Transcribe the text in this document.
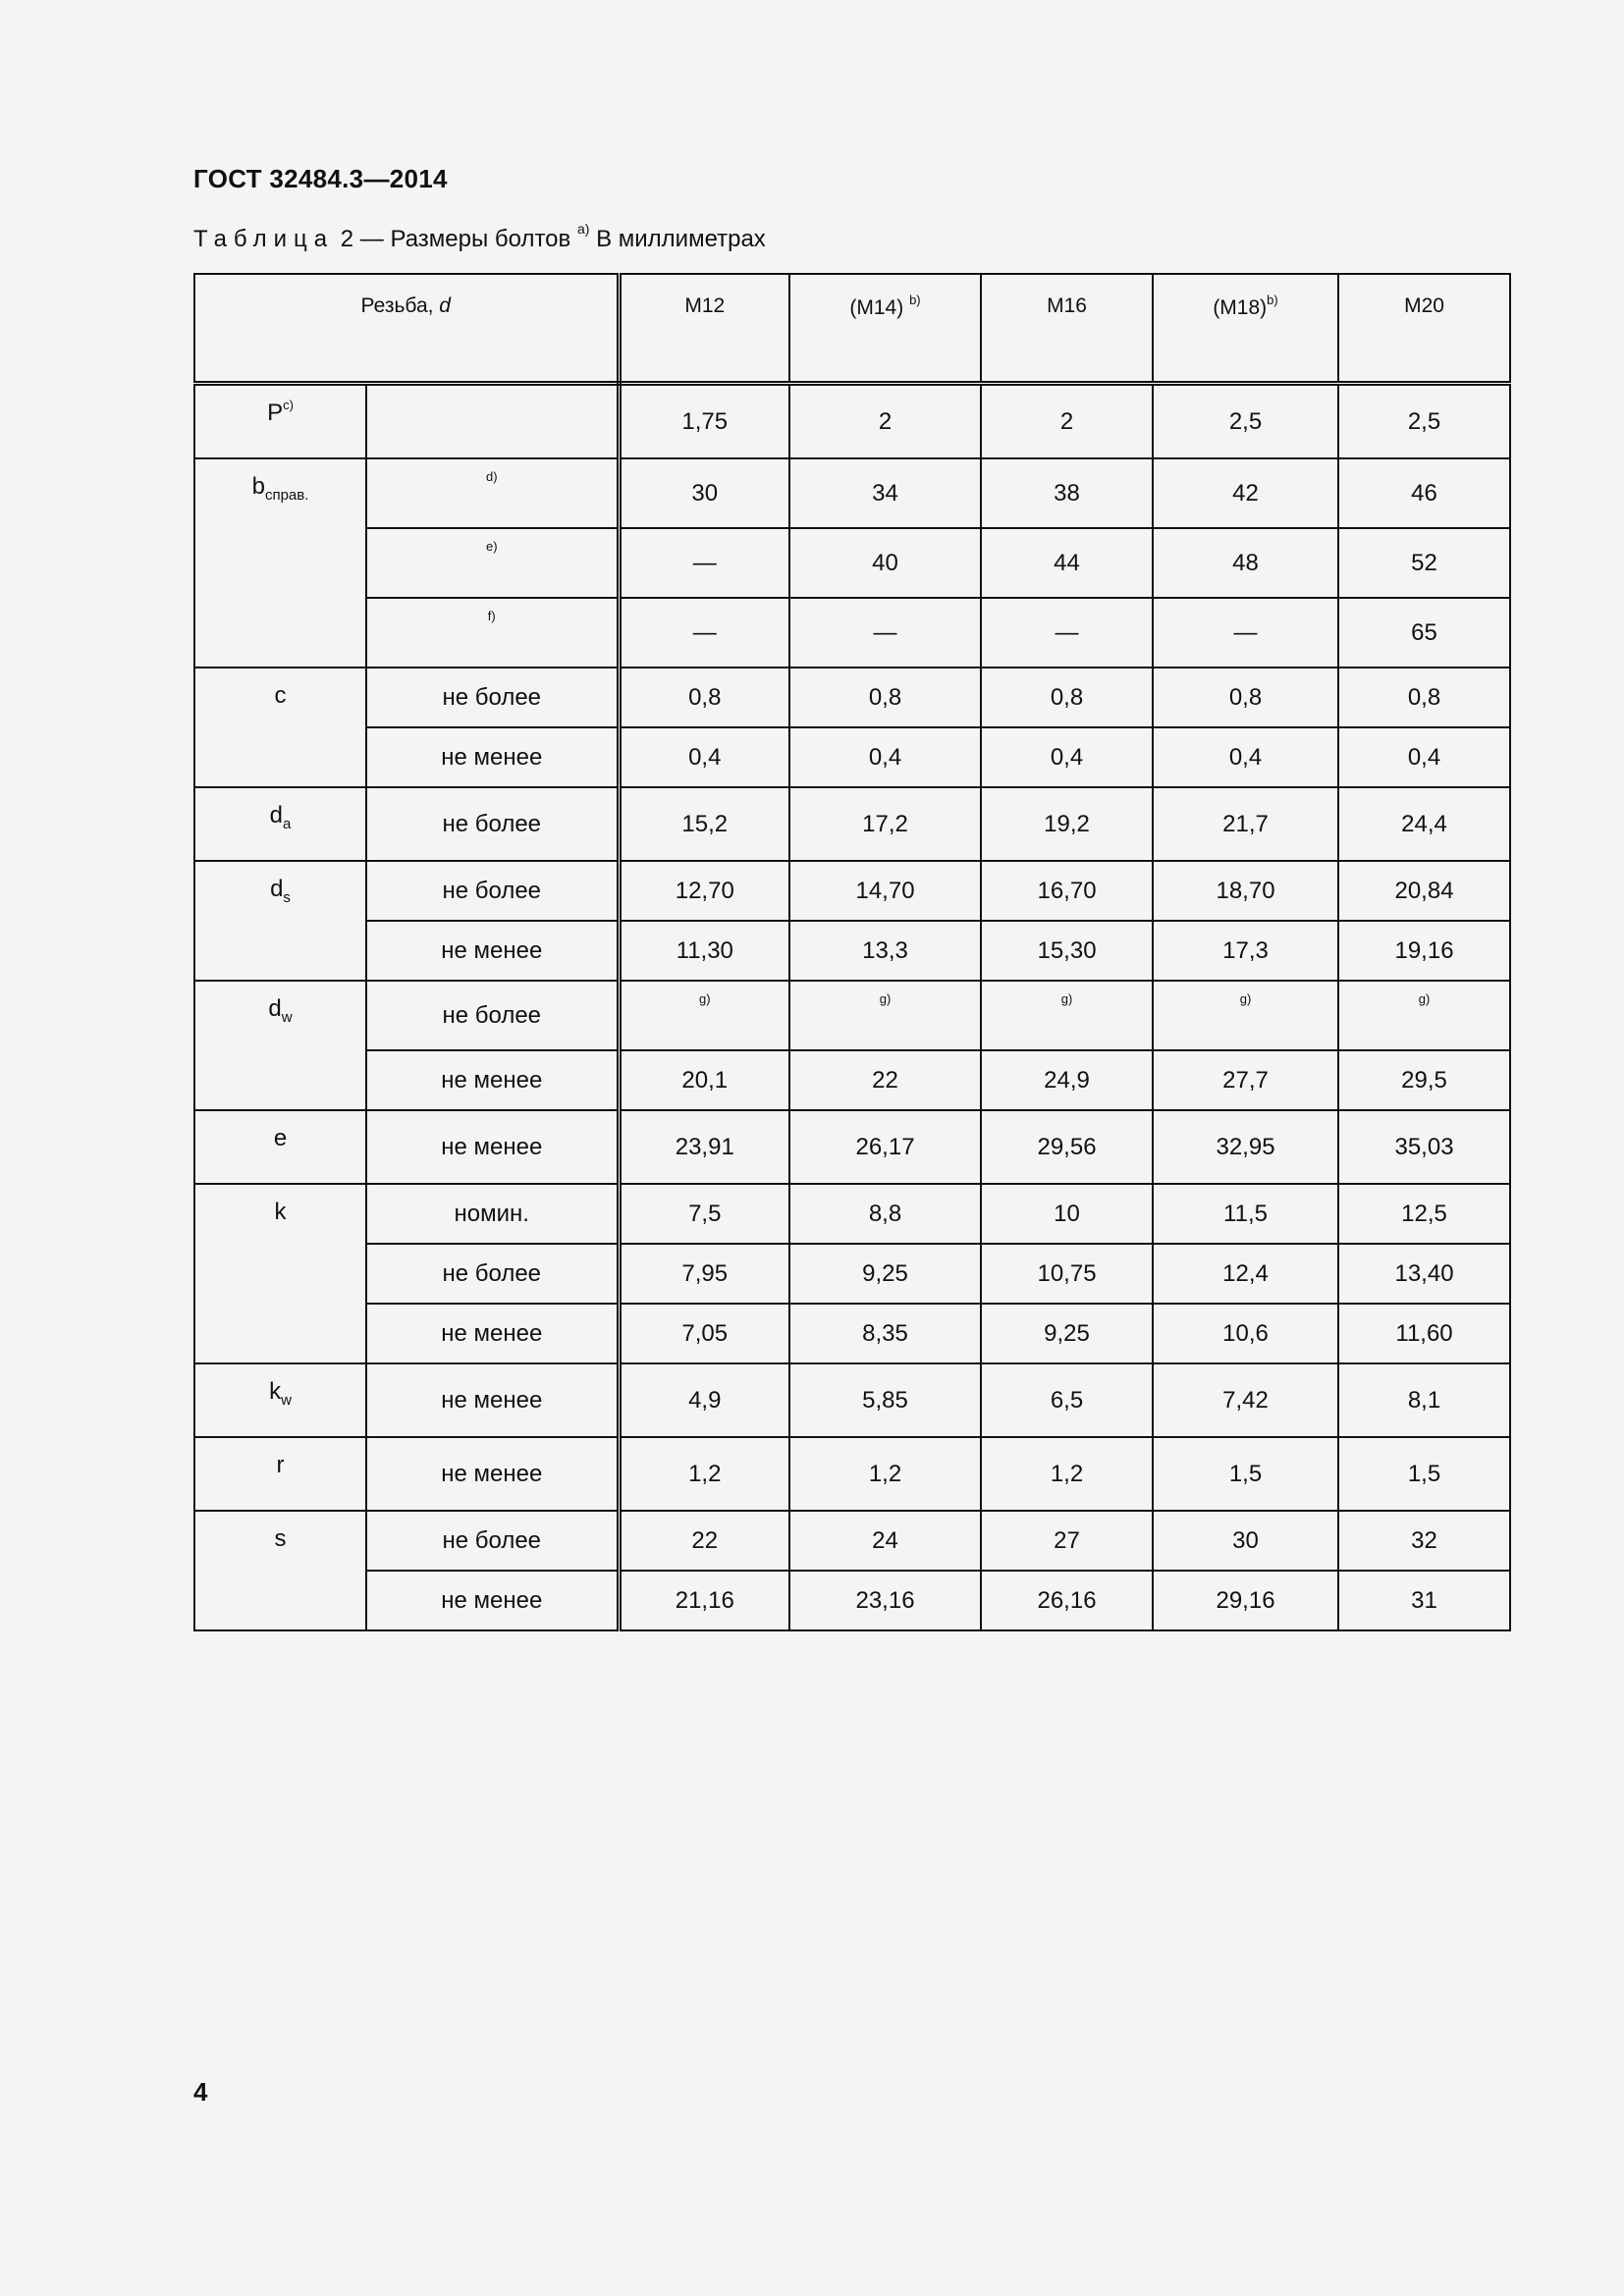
ГОСТ 32484.3—2014
Таблица 2 — Размеры болтов $^{a)}$ В миллиметрах
Резьба, d		M12	(M14) $^{b)}$	M16	(M18)$^{b)}$	M20
P$^{c)}$		1,75	2	2	2,5	2,5
$b_{справ.}$	d)	30	34	38	42	46
	e)	—	40	44	48	52
	f)	—	—	—	—	65
c	не более	0,8	0,8	0,8	0,8	0,8
	не менее	0,4	0,4	0,4	0,4	0,4
$d_a$	не более	15,2	17,2	19,2	21,7	24,4
$d_s$	не более	12,70	14,70	16,70	18,70	20,84
	не менее	11,30	13,3	15,30	17,3	19,16
$d_w$	не более	g)	g)	g)	g)	g)
	не менее	20,1	22	24,9	27,7	29,5
e	не менее	23,91	26,17	29,56	32,95	35,03
k	номин.	7,5	8,8	10	11,5	12,5
	не более	7,95	9,25	10,75	12,4	13,40
	не менее	7,05	8,35	9,25	10,6	11,60
$k_w$	не менее	4,9	5,85	6,5	7,42	8,1
r	не менее	1,2	1,2	1,2	1,5	1,5
s	не более	22	24	27	30	32
	не менее	21,16	23,16	26,16	29,16	31
4
